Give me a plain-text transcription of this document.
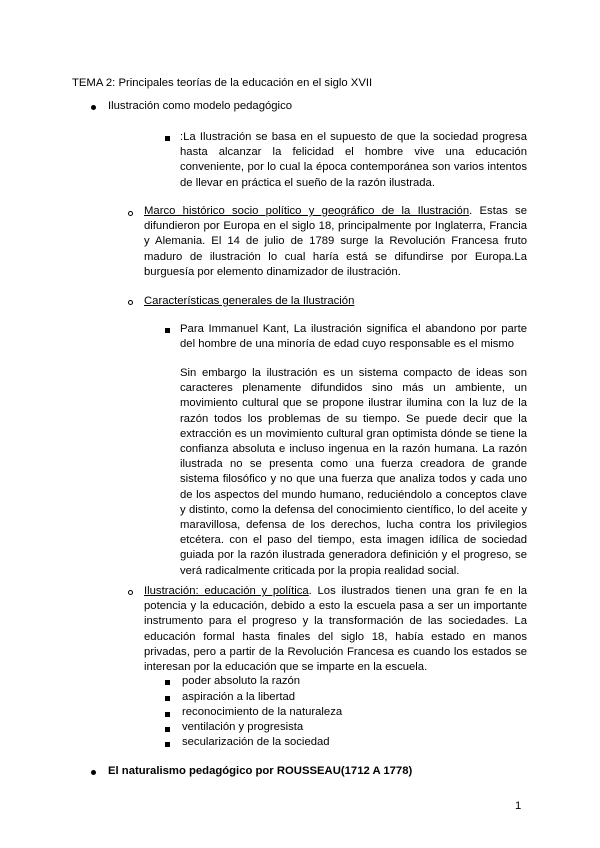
TEMA 2: Principales teorías de la educación en el siglo XVII
Ilustración como modelo pedagógico
:La Ilustración se basa en el supuesto de que la sociedad progresa hasta alcanzar la felicidad el hombre vive una educación conveniente, por lo cual la época contemporánea son varios intentos de llevar en práctica el sueño de la razón ilustrada.
Marco histórico socio político y geográfico de la Ilustración. Estas se difundieron por Europa en el siglo 18, principalmente por Inglaterra, Francia y Alemania. El 14 de julio de 1789 surge la Revolución Francesa fruto maduro de ilustración lo cual haría está se difundirse por Europa.La burguesía por elemento dinamizador de ilustración.
Características generales de la Ilustración
Para Immanuel Kant, La ilustración significa el abandono por parte del hombre de una minoría de edad cuyo responsable es el mismo
Sin embargo la ilustración es un sistema compacto de ideas son caracteres plenamente difundidos sino más un ambiente, un movimiento cultural que se propone ilustrar ilumina con la luz de la razón todos los problemas de su tiempo. Se puede decir que la extracción es un movimiento cultural gran optimista dónde se tiene la confianza absoluta e incluso ingenua en la razón humana. La razón ilustrada no se presenta como una fuerza creadora de grande sistema filosófico y no que una fuerza que analiza todos y cada uno de los aspectos del mundo humano, reduciéndolo a conceptos clave y distinto, como la defensa del conocimiento científico, lo del aceite y maravillosa, defensa de los derechos, lucha contra los privilegios etcétera. con el paso del tiempo, esta imagen idílica de sociedad guiada por la razón ilustrada generadora definición y el progreso, se verá radicalmente criticada por la propia realidad social.
Ilustración: educación y política. Los ilustrados tienen una gran fe en la potencia y la educación, debido a esto la escuela pasa a ser un importante instrumento para el progreso y la transformación de las sociedades. La educación formal hasta finales del siglo 18, había estado en manos privadas, pero a partir de la Revolución Francesa es cuando los estados se interesan por la educación que se imparte en la escuela.
poder absoluto la razón
aspiración a la libertad
reconocimiento de la naturaleza
ventilación y progresista
secularización de la sociedad
El naturalismo pedagógico por ROUSSEAU(1712 A 1778)
1
